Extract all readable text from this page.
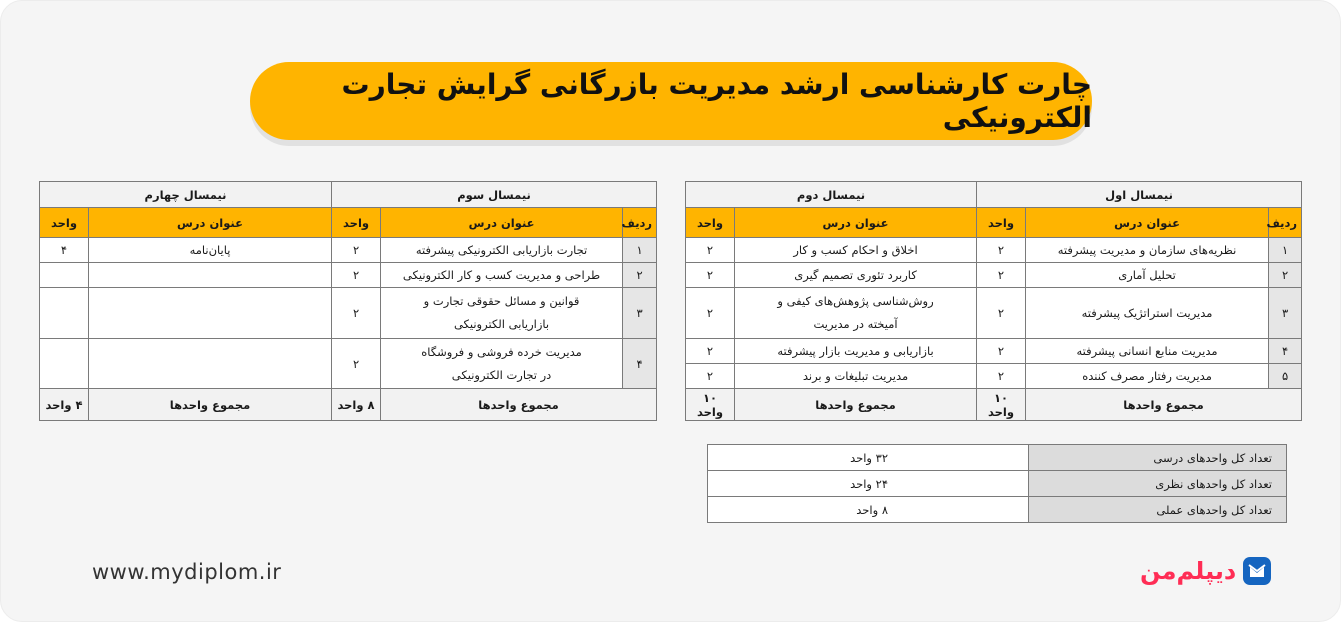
چارت کارشناسی ارشد مدیریت بازرگانی گرایش تجارت الکترونیکی
نیمسال اول			نیمسال دوم	
ردیف	عنوان درس	واحد	عنوان درس	واحد
۱	نظریه‌های سازمان و مدیریت پیشرفته	۲	اخلاق و احکام کسب و کار	۲
۲	تحلیل آماری	۲	کاربرد تئوری تصمیم گیری	۲
۳	مدیریت استراتژیک پیشرفته	۲	روش‌شناسی پژوهش‌های کیفی و آمیخته در مدیریت	۲
۴	مدیریت منابع انسانی پیشرفته	۲	بازاریابی و مدیریت بازار پیشرفته	۲
۵	مدیریت رفتار مصرف کننده	۲	مدیریت تبلیغات و برند	۲
مجموع واحدها		۱۰ واحد	مجموع واحدها	۱۰ واحد
نیمسال سوم			نیمسال چهارم	
ردیف	عنوان درس	واحد	عنوان درس	واحد
۱	تجارت بازاریابی الکترونیکی پیشرفته	۲	پایان‌نامه	۴
۲	طراحی و مدیریت کسب و کار الکترونیکی	۲		
۳	قوانین و مسائل حقوقی تجارت و بازاریابی الکترونیکی	۲		
۴	مدیریت خرده فروشی و فروشگاه در تجارت الکترونیکی	۲		
مجموع واحدها		۸ واحد	مجموع واحدها	۴ واحد
تعداد کل واحدهای درسی	۳۲ واحد
تعداد کل واحدهای نظری	۲۴ واحد
تعداد کل واحدهای عملی	۸ واحد
www.mydiplom.ir	دیپلم‌من
